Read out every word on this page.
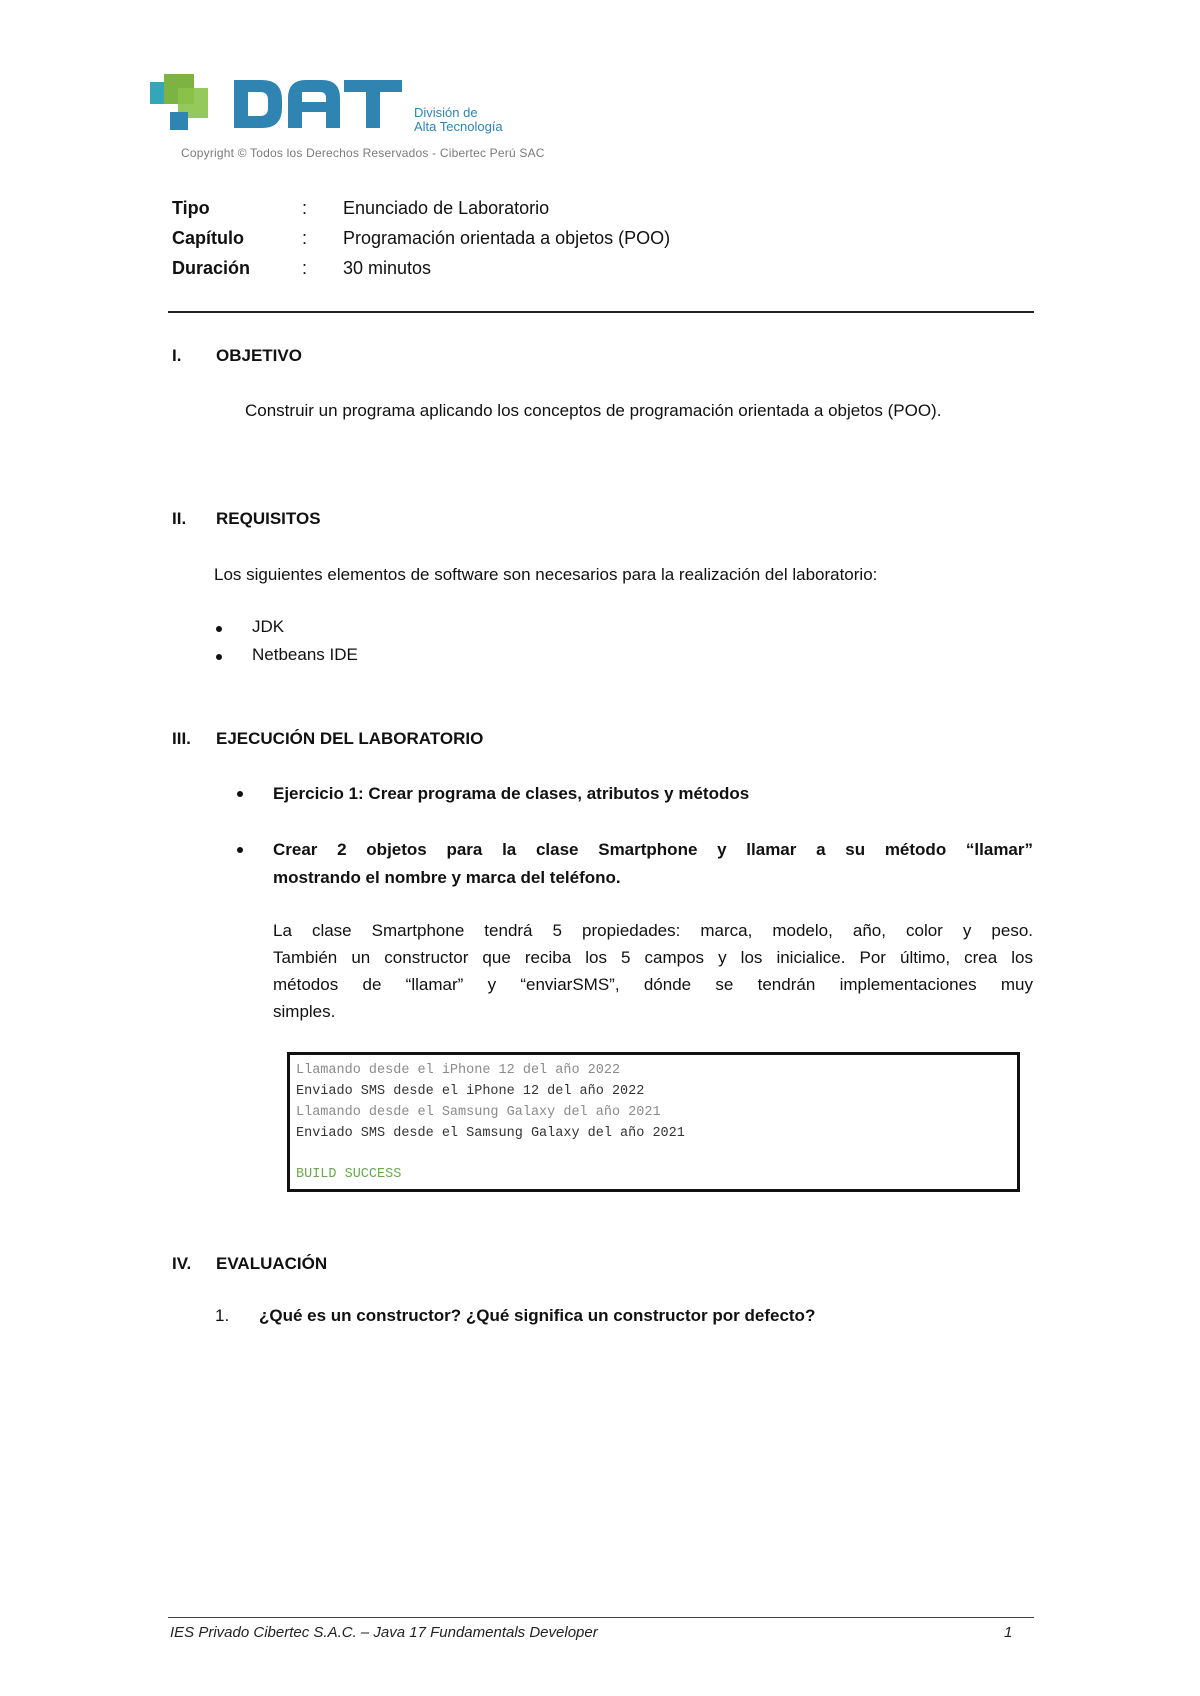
División de
Alta Tecnología
Copyright © Todos los Derechos Reservados - Cibertec Perú SAC
Tipo	: Enunciado de Laboratorio
Capítulo	: Programación orientada a objetos (POO)
Duración	: 30 minutos
I. OBJETIVO
Construir un programa aplicando los conceptos de programación orientada a objetos (POO).
II. REQUISITOS
Los siguientes elementos de software son necesarios para la realización del laboratorio:
JDK
Netbeans IDE
III. EJECUCIÓN DEL LABORATORIO
Ejercicio 1: Crear programa de clases, atributos y métodos
Crear 2 objetos para la clase Smartphone y llamar a su método “llamar”
mostrando el nombre y marca del teléfono.
La clase Smartphone tendrá 5 propiedades: marca, modelo, año, color y peso.
También un constructor que reciba los 5 campos y los inicialice. Por último, crea los
métodos de “llamar” y “enviarSMS”, dónde se tendrán implementaciones muy
simples.
Llamando desde el iPhone 12 del año 2022
Enviado SMS desde el iPhone 12 del año 2022
Llamando desde el Samsung Galaxy del año 2021
Enviado SMS desde el Samsung Galaxy del año 2021
BUILD SUCCESS
IV. EVALUACIÓN
1. ¿Qué es un constructor? ¿Qué significa un constructor por defecto?
IES Privado Cibertec S.A.C. – Java 17 Fundamentals Developer	1
